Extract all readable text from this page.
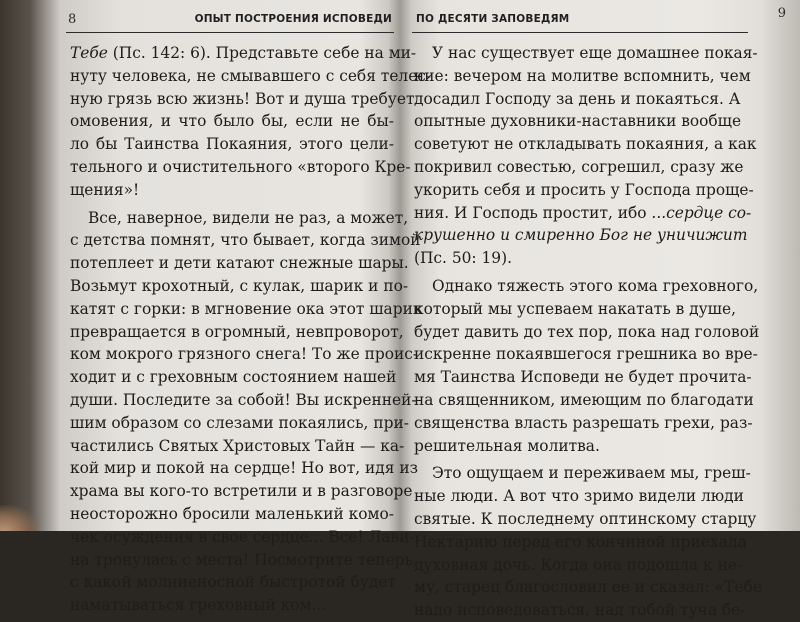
8	ОПЫТ ПОСТРОЕНИЯ ИСПОВЕДИ
Тебе (Пс. 142: 6). Представьте себе на ми-
нуту человека, не смывавшего с себя телес-
ную грязь всю жизнь! Вот и душа требует
омовения, и что было бы, если не бы-
ло бы Таинства Покаяния, этого цели-
тельного и очистительного «второго Кре-
щения»!
Все, наверное, видели не раз, а может,
с детства помнят, что бывает, когда зимой
потеплеет и дети катают снежные шары.
Возьмут крохотный, с кулак, шарик и по-
катят с горки: в мгновение ока этот шарик
превращается в огромный, невпроворот,
ком мокрого грязного снега! То же проис-
ходит и с греховным состоянием нашей
души. Последите за собой! Вы искренней-
шим образом со слезами покаялись, при-
частились Святых Христовых Тайн — ка-
кой мир и покой на сердце! Но вот, идя из
храма вы кого-то встретили и в разговоре
неосторожно бросили маленький комо-
чек осуждения в свое сердце... Все! Лави-
на тронулась с места! Посмотрите теперь,
с какой молниеносной быстротой будет
наматываться греховный ком...
ПО ДЕСЯТИ ЗАПОВЕДЯМ	9
У нас существует еще домашнее покая-
ние: вечером на молитве вспомнить, чем
досадил Господу за день и покаяться. А
опытные духовники-наставники вообще
советуют не откладывать покаяния, а как
покривил совестью, согрешил, сразу же
укорить себя и просить у Господа проще-
ния. И Господь простит, ибо ...сердце со-
крушенно и смиренно Бог не уничижит
(Пс. 50: 19).
Однако тяжесть этого кома греховного,
который мы успеваем накатать в душе,
будет давить до тех пор, пока над головой
искренне покаявшегося грешника во вре-
мя Таинства Исповеди не будет прочита-
на священником, имеющим по благодати
священства власть разрешать грехи, раз-
решительная молитва.
Это ощущаем и переживаем мы, греш-
ные люди. А вот что зримо видели люди
святые. К последнему оптинскому старцу
Нектарию перед его кончиной приехала
духовная дочь. Когда она подошла к не-
му, старец благословил ее и сказал: «Тебе
надо исповедоваться, над тобой туча бе-
